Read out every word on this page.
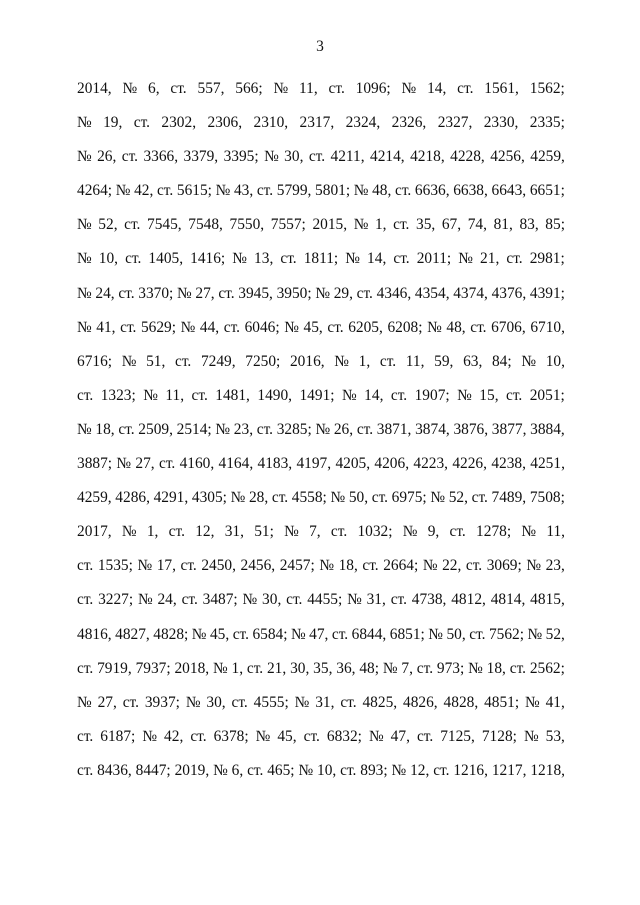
3
2014, № 6, ст. 557, 566; № 11, ст. 1096; № 14, ст. 1561, 1562;
№ 19, ст. 2302, 2306, 2310, 2317, 2324, 2326, 2327, 2330, 2335;
№ 26, ст. 3366, 3379, 3395; № 30, ст. 4211, 4214, 4218, 4228, 4256, 4259,
4264; № 42, ст. 5615; № 43, ст. 5799, 5801; № 48, ст. 6636, 6638, 6643, 6651;
№ 52, ст. 7545, 7548, 7550, 7557; 2015, № 1, ст. 35, 67, 74, 81, 83, 85;
№ 10, ст. 1405, 1416; № 13, ст. 1811; № 14, ст. 2011; № 21, ст. 2981;
№ 24, ст. 3370; № 27, ст. 3945, 3950; № 29, ст. 4346, 4354, 4374, 4376, 4391;
№ 41, ст. 5629; № 44, ст. 6046; № 45, ст. 6205, 6208; № 48, ст. 6706, 6710,
6716; № 51, ст. 7249, 7250; 2016, № 1, ст. 11, 59, 63, 84; № 10,
ст. 1323; № 11, ст. 1481, 1490, 1491; № 14, ст. 1907; № 15, ст. 2051;
№ 18, ст. 2509, 2514; № 23, ст. 3285; № 26, ст. 3871, 3874, 3876, 3877, 3884,
3887; № 27, ст. 4160, 4164, 4183, 4197, 4205, 4206, 4223, 4226, 4238, 4251,
4259, 4286, 4291, 4305; № 28, ст. 4558; № 50, ст. 6975; № 52, ст. 7489, 7508;
2017, № 1, ст. 12, 31, 51; № 7, ст. 1032; № 9, ст. 1278; № 11,
ст. 1535; № 17, ст. 2450, 2456, 2457; № 18, ст. 2664; № 22, ст. 3069; № 23,
ст. 3227; № 24, ст. 3487; № 30, ст. 4455; № 31, ст. 4738, 4812, 4814, 4815,
4816, 4827, 4828; № 45, ст. 6584; № 47, ст. 6844, 6851; № 50, ст. 7562; № 52,
ст. 7919, 7937; 2018, № 1, ст. 21, 30, 35, 36, 48; № 7, ст. 973; № 18, ст. 2562;
№ 27, ст. 3937; № 30, ст. 4555; № 31, ст. 4825, 4826, 4828, 4851; № 41,
ст. 6187; № 42, ст. 6378; № 45, ст. 6832; № 47, ст. 7125, 7128; № 53,
ст. 8436, 8447; 2019, № 6, ст. 465; № 10, ст. 893; № 12, ст. 1216, 1217, 1218,
